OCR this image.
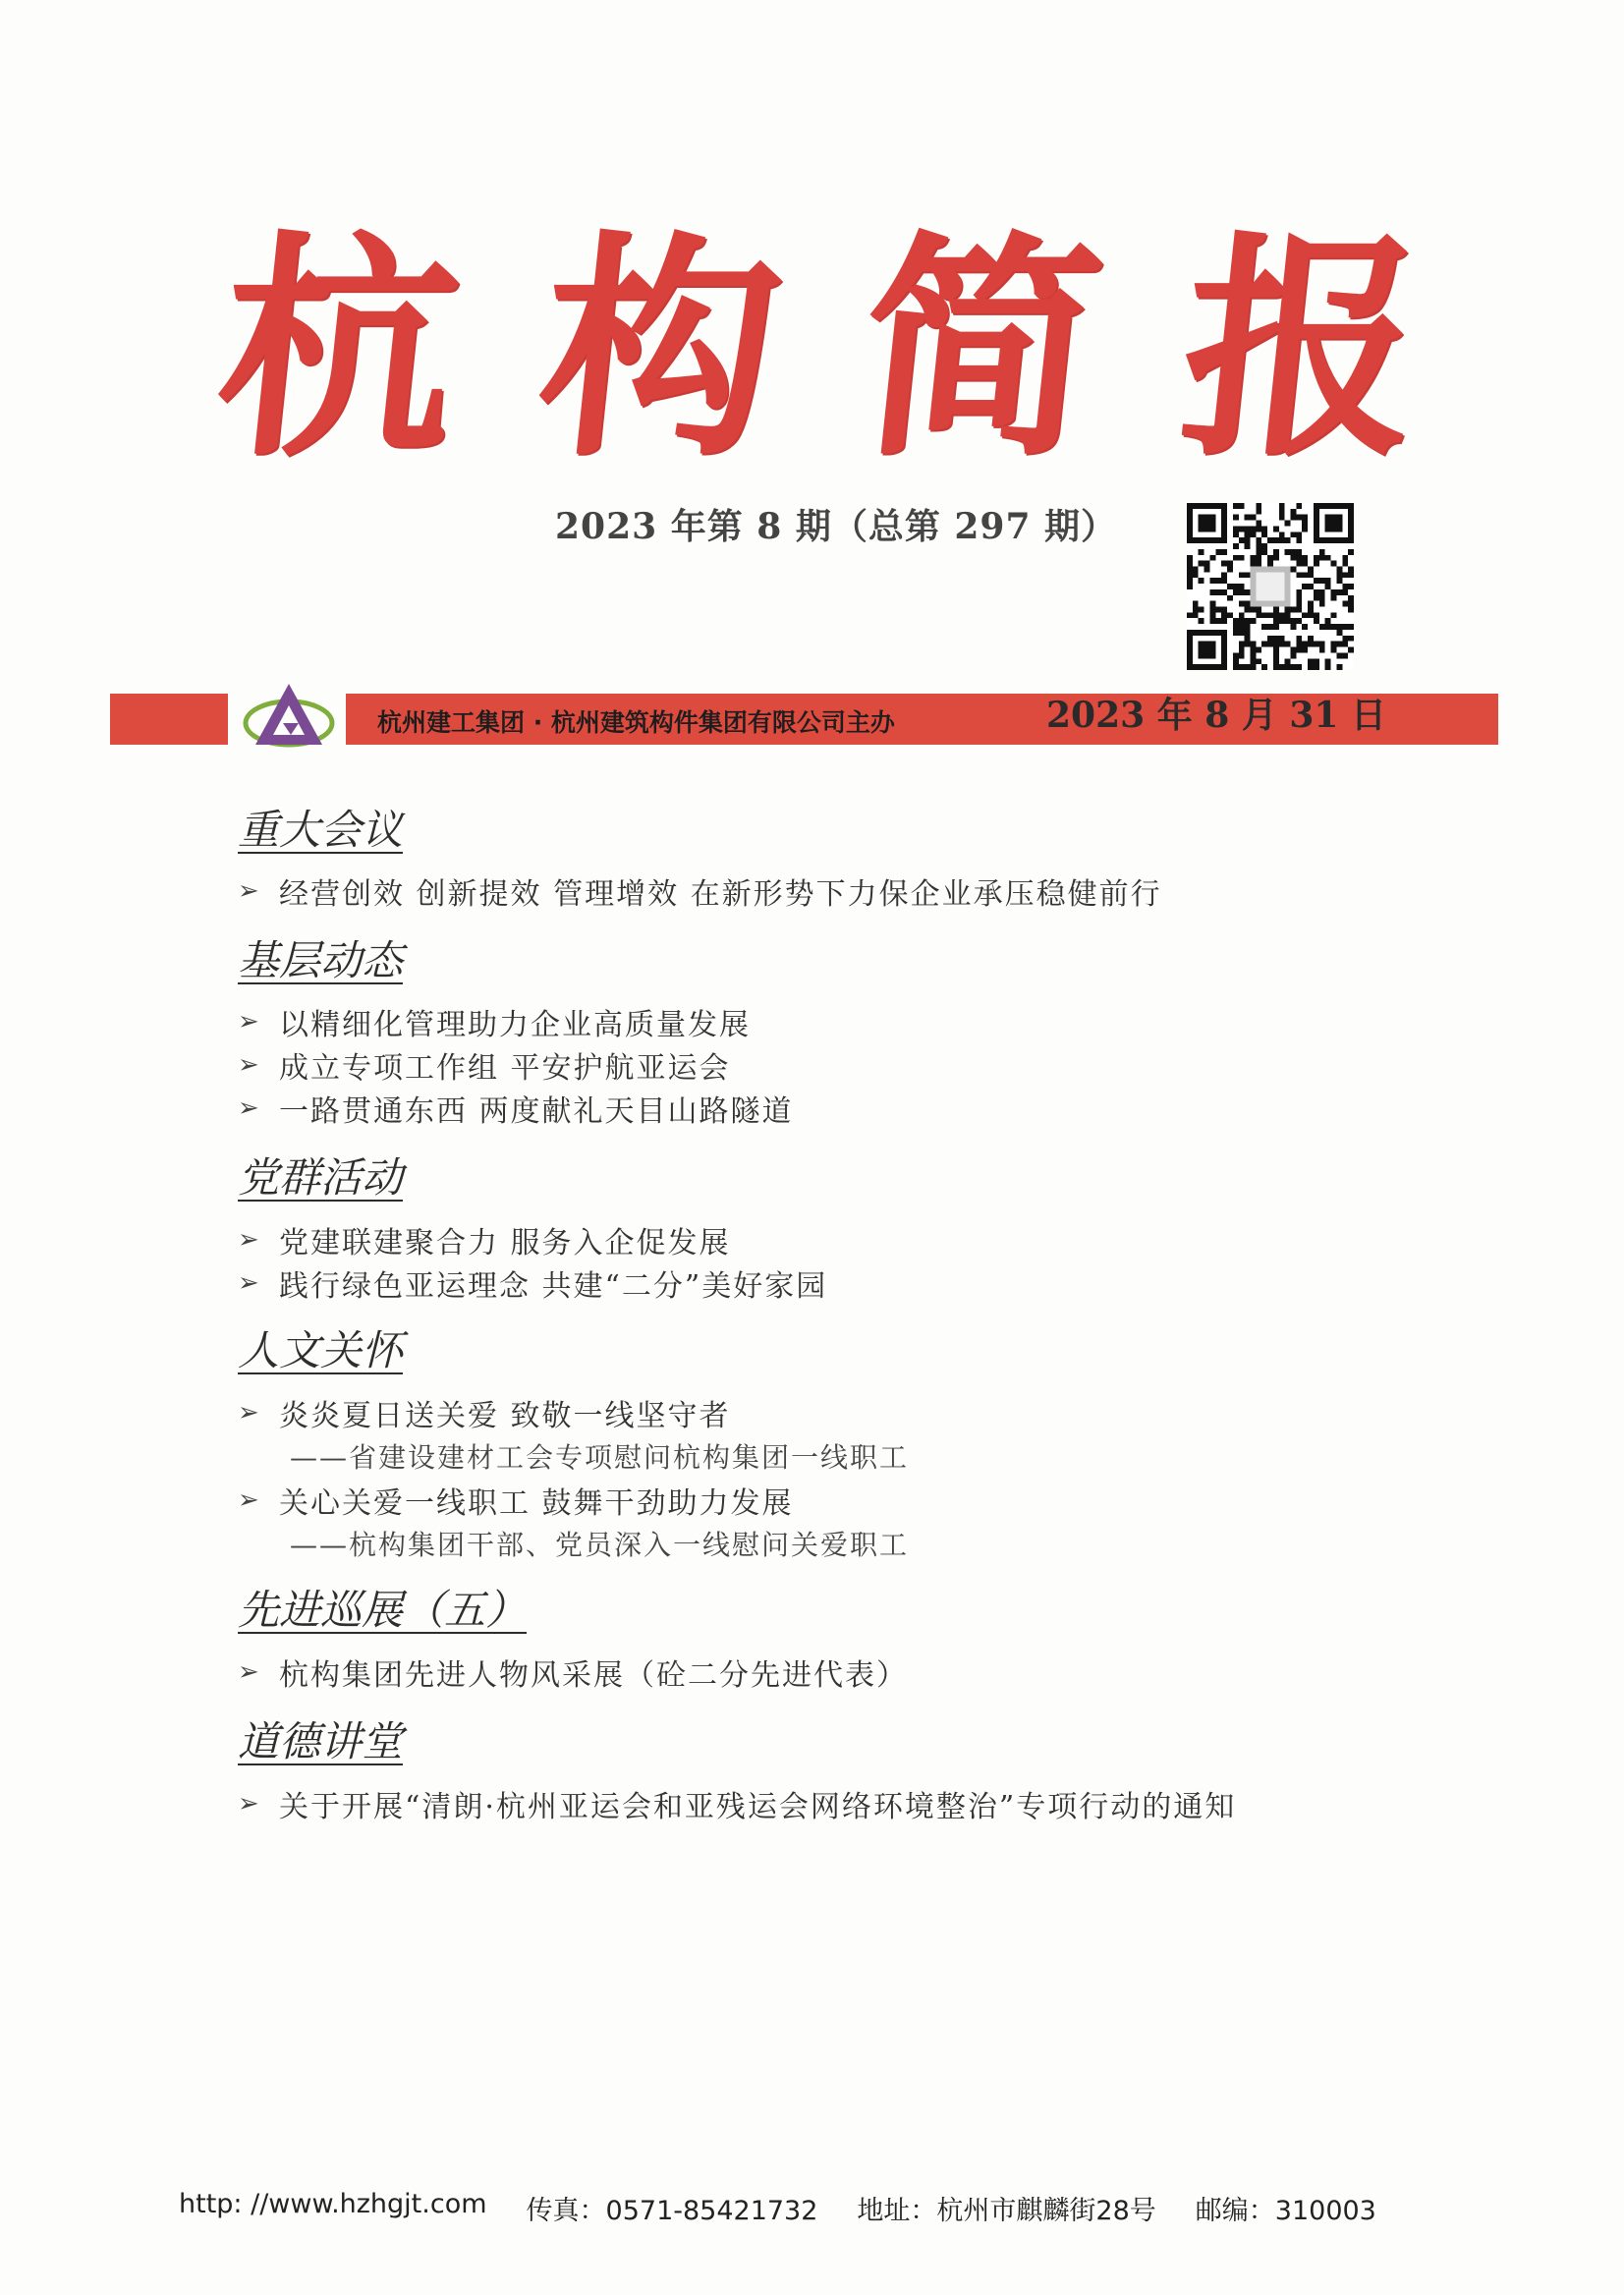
杭 构 简 报
2023 年第 8 期（总第 297 期）
杭州建工集团 · 杭州建筑构件集团有限公司主办	2023 年 8 月 31 日
重大会议
➢ 经营创效 创新提效 管理增效 在新形势下力保企业承压稳健前行
基层动态
➢ 以精细化管理助力企业高质量发展
➢ 成立专项工作组 平安护航亚运会
➢ 一路贯通东西 两度献礼天目山路隧道
党群活动
➢ 党建联建聚合力 服务入企促发展
➢ 践行绿色亚运理念 共建“二分”美好家园
人文关怀
➢ 炎炎夏日送关爱 致敬一线坚守者
——省建设建材工会专项慰问杭构集团一线职工
➢ 关心关爱一线职工 鼓舞干劲助力发展
——杭构集团干部、党员深入一线慰问关爱职工
先进巡展（五）
➢ 杭构集团先进人物风采展（砼二分先进代表）
道德讲堂
➢ 关于开展“清朗·杭州亚运会和亚残运会网络环境整治”专项行动的通知
http: //www.hzhgjt.com 传真：0571-85421732 地址：杭州市麒麟街28号 邮编：310003
